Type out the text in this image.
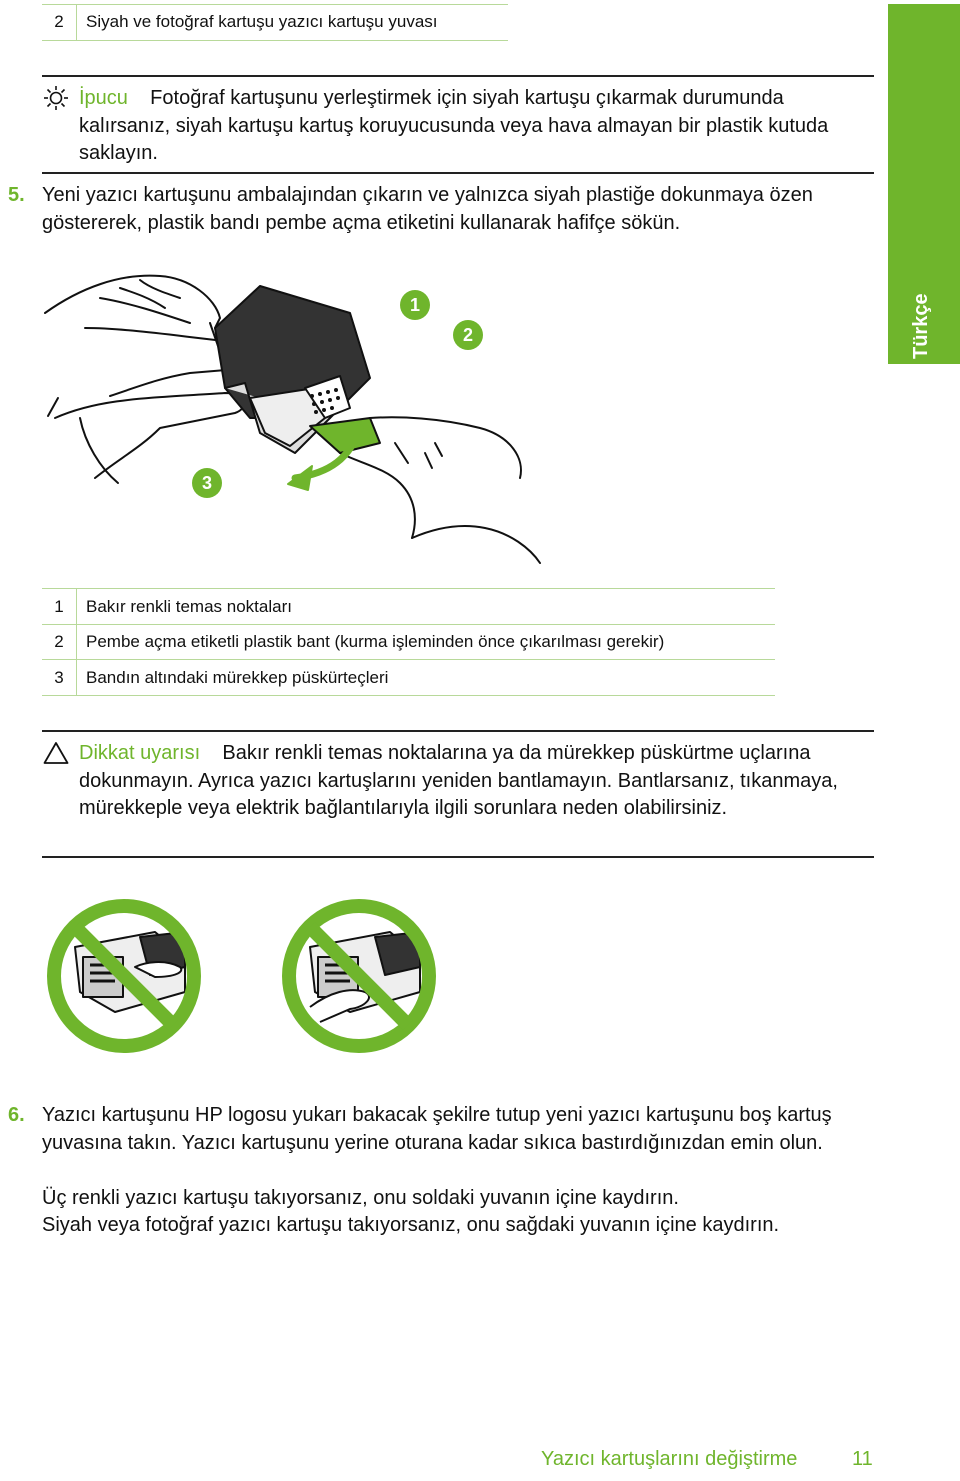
Türkçe
2	Siyah ve fotoğraf kartuşu yazıcı kartuşu yuvası
İpucu Fotoğraf kartuşunu yerleştirmek için siyah kartuşu çıkarmak durumunda kalırsanız, siyah kartuşu kartuş koruyucusunda veya hava almayan bir plastik kutuda saklayın.
5. Yeni yazıcı kartuşunu ambalajından çıkarın ve yalnızca siyah plastiğe dokunmaya özen göstererek, plastik bandı pembe açma etiketini kullanarak hafifçe sökün.
1
2
3
1	Bakır renkli temas noktaları
2	Pembe açma etiketli plastik bant (kurma işleminden önce çıkarılması gerekir)
3	Bandın altındaki mürekkep püskürteçleri
Dikkat uyarısı Bakır renkli temas noktalarına ya da mürekkep püskürtme uçlarına dokunmayın. Ayrıca yazıcı kartuşlarını yeniden bantlamayın. Bantlarsanız, tıkanmaya, mürekkeple veya elektrik bağlantılarıyla ilgili sorunlara neden olabilirsiniz.
6. Yazıcı kartuşunu HP logosu yukarı bakacak şekilre tutup yeni yazıcı kartuşunu boş kartuş yuvasına takın. Yazıcı kartuşunu yerine oturana kadar sıkıca bastırdığınızdan emin olun.
Üç renkli yazıcı kartuşu takıyorsanız, onu soldaki yuvanın içine kaydırın.
Siyah veya fotoğraf yazıcı kartuşu takıyorsanız, onu sağdaki yuvanın içine kaydırın.
Yazıcı kartuşlarını değiştirme	11
